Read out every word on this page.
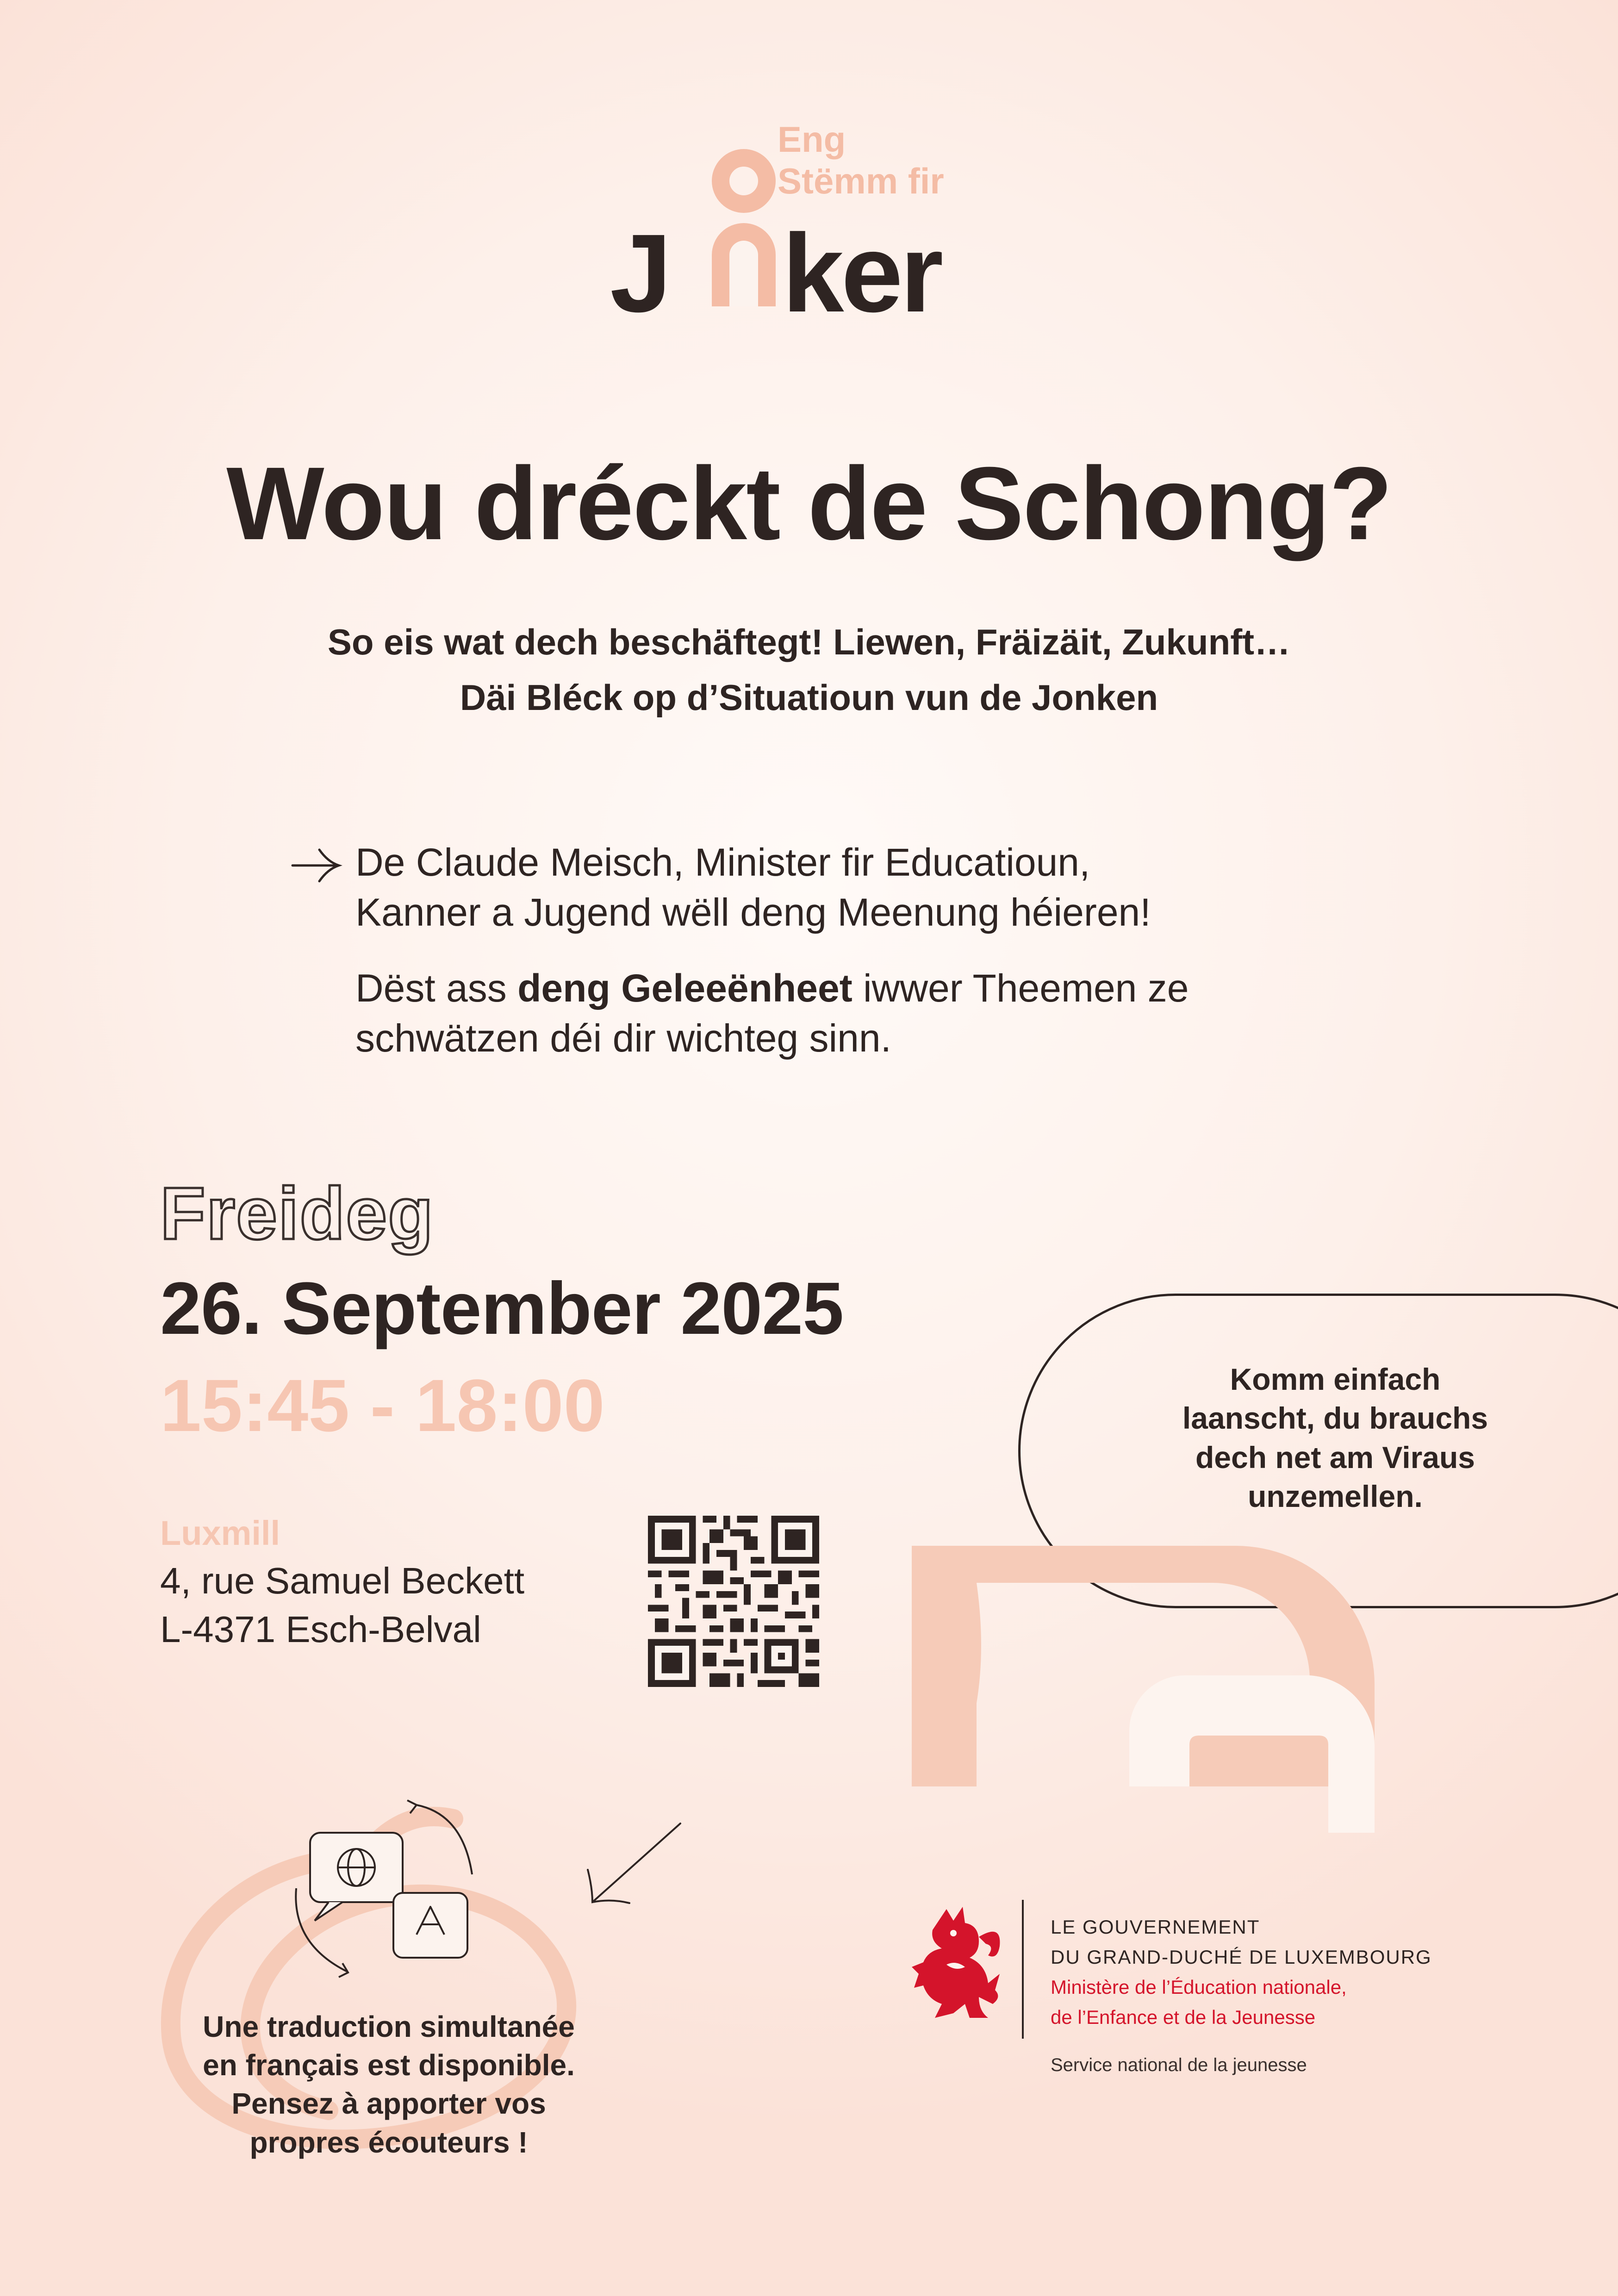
Eng
Stëmm fir
J ker
Wou dréckt de Schong?
So eis wat dech beschäftegt! Liewen, Fräizäit, Zukunft…
Däi Bléck op d’Situatioun vun de Jonken
De Claude Meisch, Minister fir Educatioun,
Kanner a Jugend wëll deng Meenung héieren!
Dëst ass deng Geleeënheet iwwer Theemen ze
schwätzen déi dir wichteg sinn.
Freideg
26. September 2025
15:45 - 18:00
Luxmill
4, rue Samuel Beckett
L-4371 Esch-Belval
Komm einfach
laanscht, du brauchs
dech net am Viraus
unzemellen.
Une traduction simultanée
en français est disponible.
Pensez à apporter vos
propres écouteurs !
LE GOUVERNEMENT
DU GRAND-DUCHÉ DE LUXEMBOURG
Ministère de l’Éducation nationale,
de l’Enfance et de la Jeunesse
Service national de la jeunesse
